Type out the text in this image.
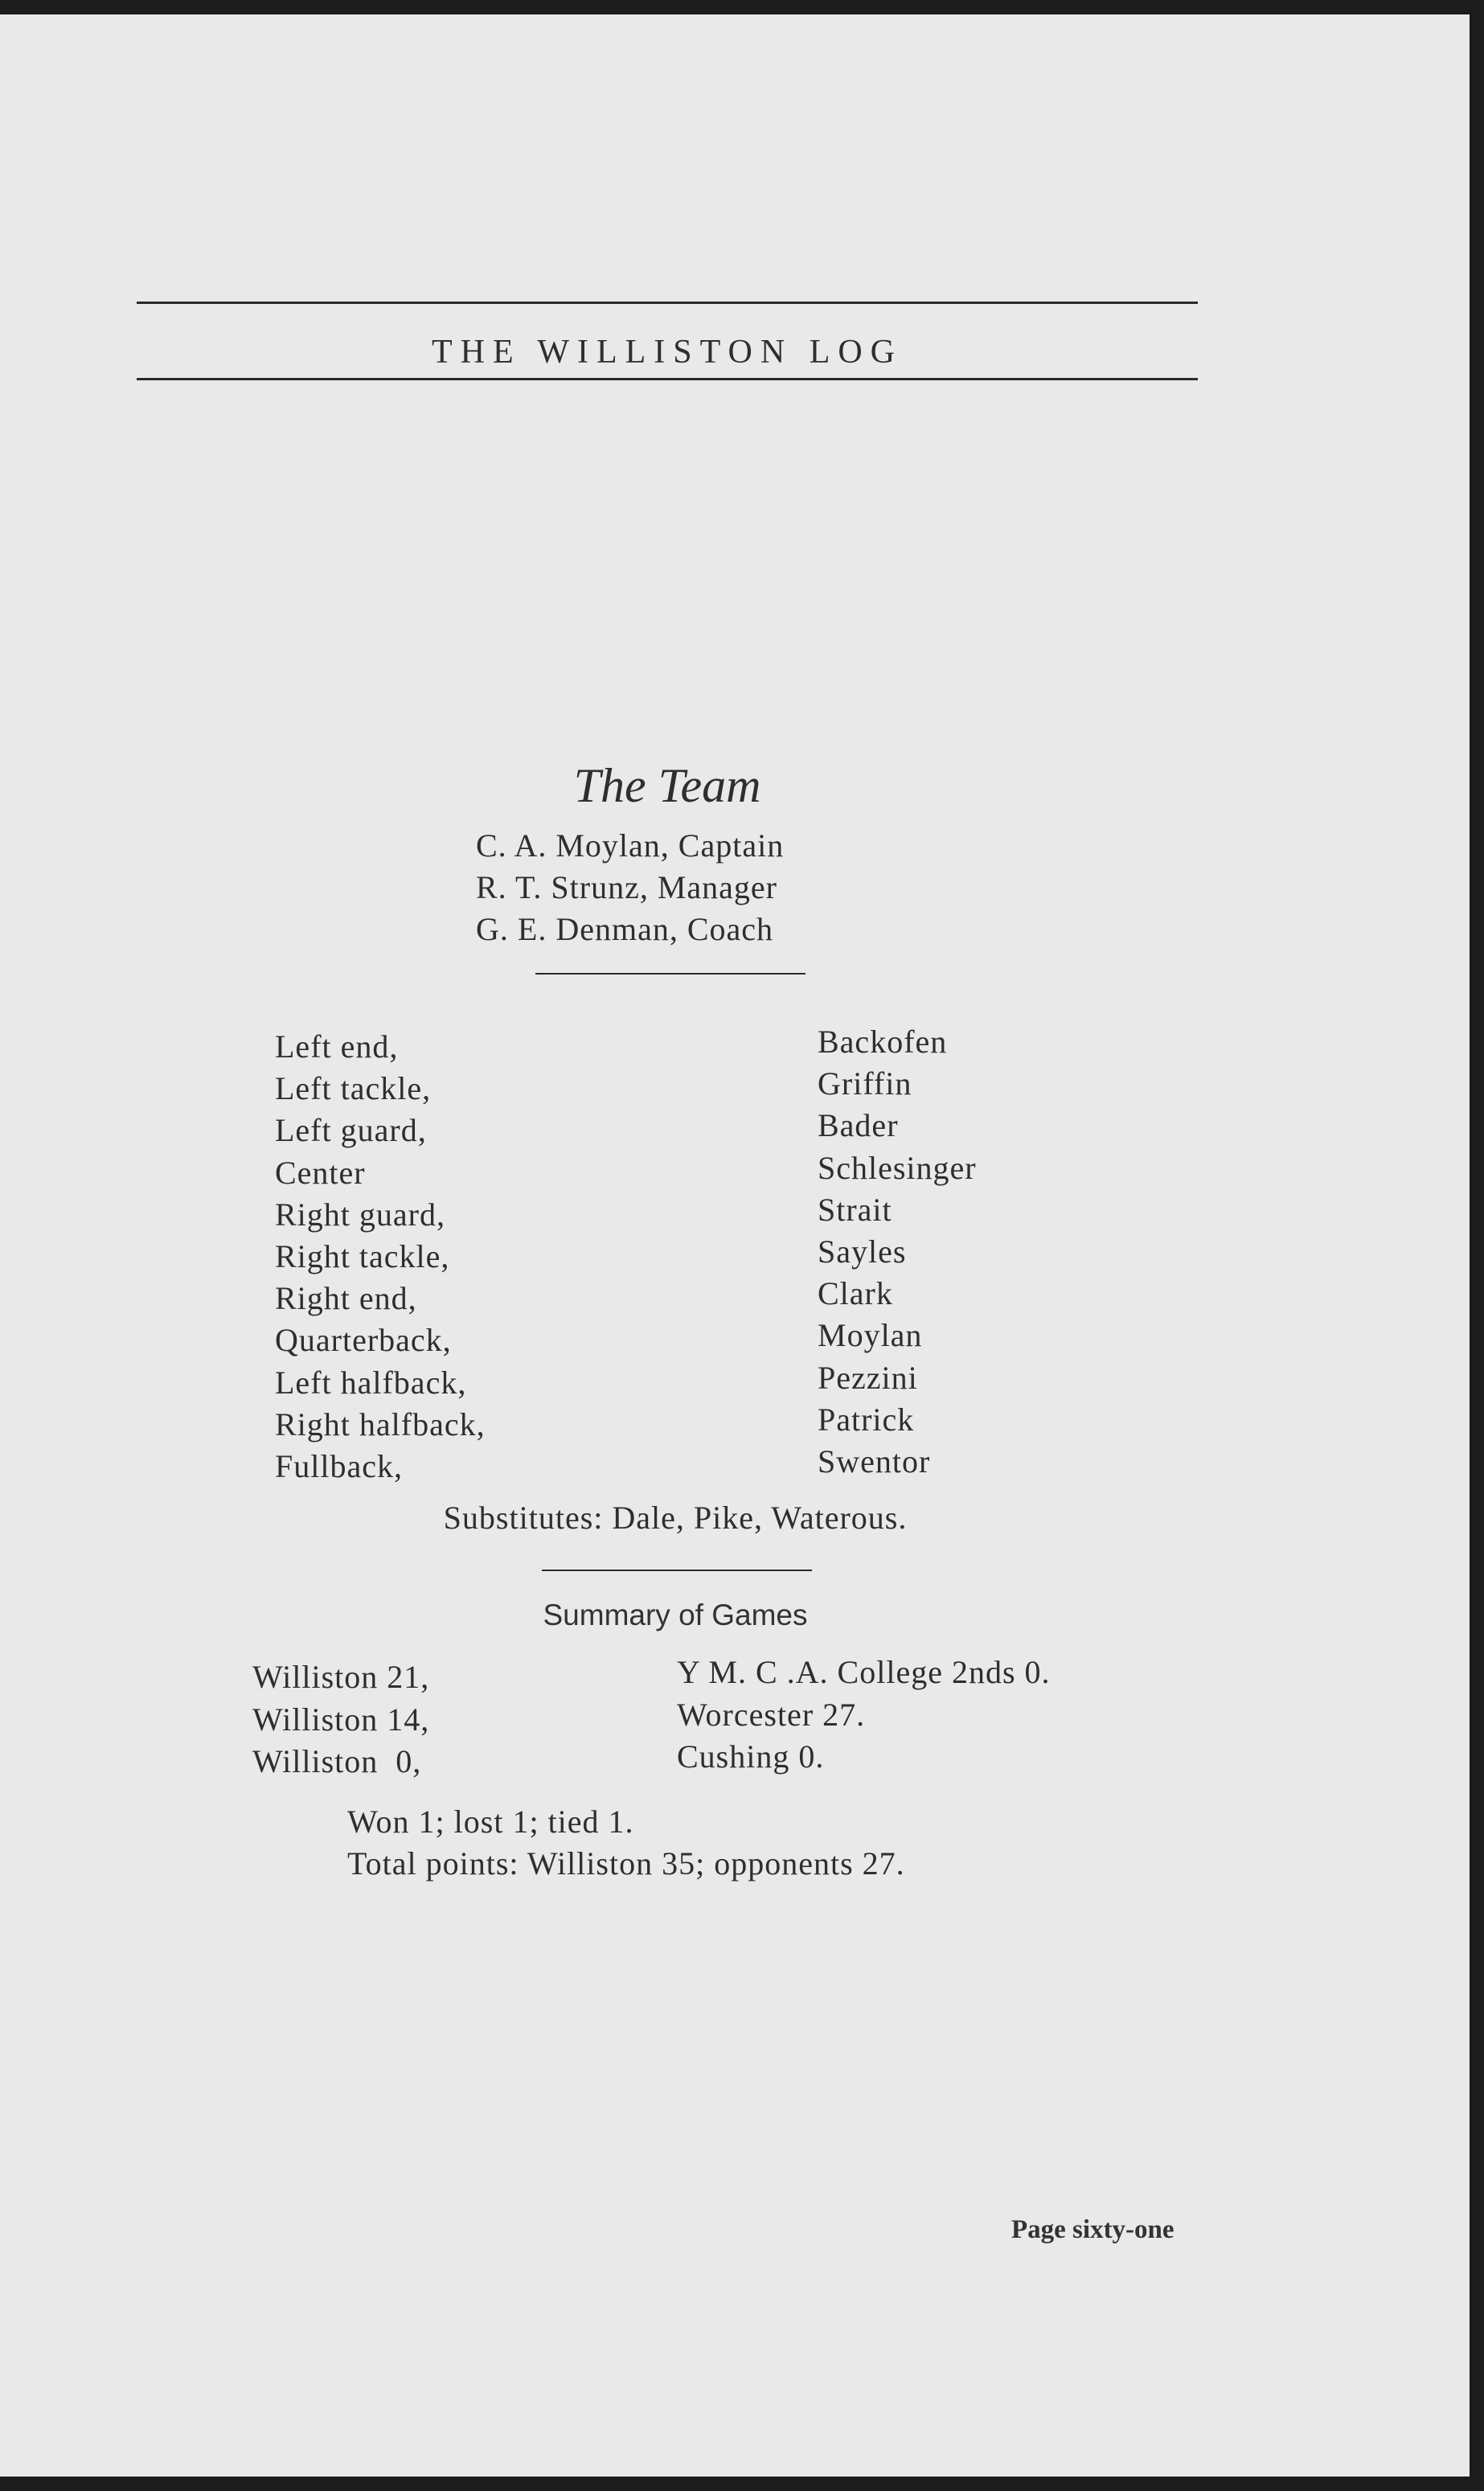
THE WILLISTON LOG
The Team
C. A. Moylan, Captain
R. T. Strunz, Manager
G. E. Denman, Coach
Left end,
Left tackle,
Left guard,
Center
Right guard,
Right tackle,
Right end,
Quarterback,
Left halfback,
Right halfback,
Fullback,
Backofen
Griffin
Bader
Schlesinger
Strait
Sayles
Clark
Moylan
Pezzini
Patrick
Swentor
Substitutes: Dale, Pike, Waterous.
Summary of Games
Williston 21,
Williston 14,
Williston  0,
Y M. C .A. College 2nds 0.
Worcester 27.
Cushing 0.
Won 1; lost 1; tied 1.
Total points: Williston 35; opponents 27.
Page sixty-one
